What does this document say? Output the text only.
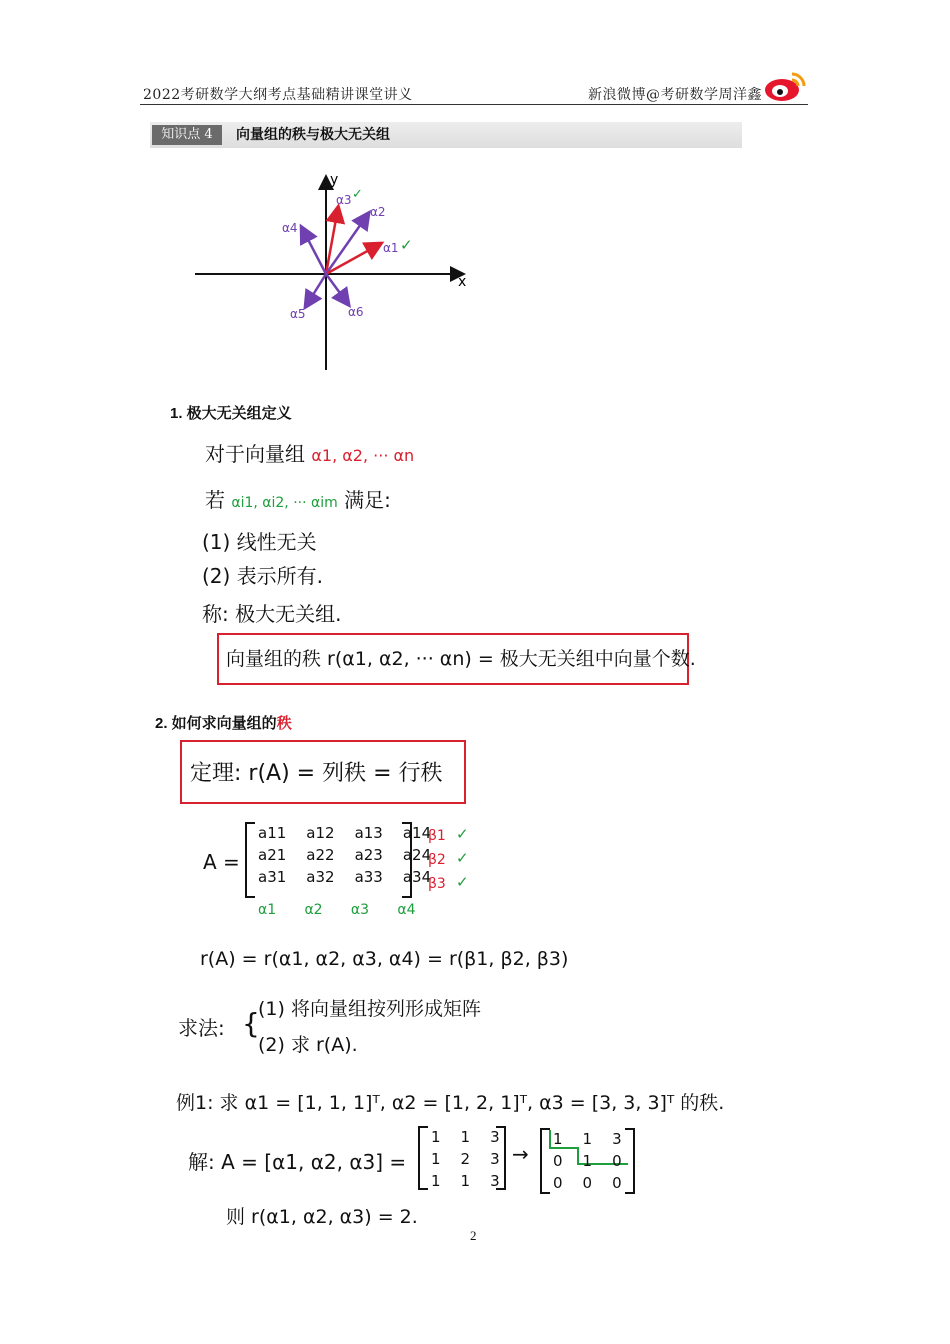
2022考研数学大纲考点基础精讲课堂讲义	新浪微博@考研数学周洋鑫
知识点 4	向量组的秩与极大无关组
x
y
α1
α2
α3
α4
α5	α6
✓
✓
1. 极大无关组定义
对于向量组 α1, α2, ··· αn
若 αi1, αi2, ··· αim 满足:
(1) 线性无关
(2) 表示所有.
称: 极大无关组.
向量组的秩 r(α1, α2, ··· αn) = 极大无关组中向量个数.
2. 如何求向量组的秩
定理: r(A) = 列秩 = 行秩
A =
a11	a12	a13	a14
a21	a22	a23	a24
a31	a32	a33	a34
β1
β2
β3
✓
✓
✓
α1 α2 α3 α4
r(A) = r(α1, α2, α3, α4) = r(β1, β2, β3)
求法: {
(1) 将向量组按列形成矩阵
(2) 求 r(A).
例1: 求 α1 = [1, 1, 1]ᵀ, α2 = [1, 2, 1]ᵀ, α3 = [3, 3, 3]ᵀ 的秩.
解: A = [α1, α2, α3] =
1	1	3
1	2	3
1	1	3
→
1	1	3
0	1	0
0	0	0
则 r(α1, α2, α3) = 2.
2
